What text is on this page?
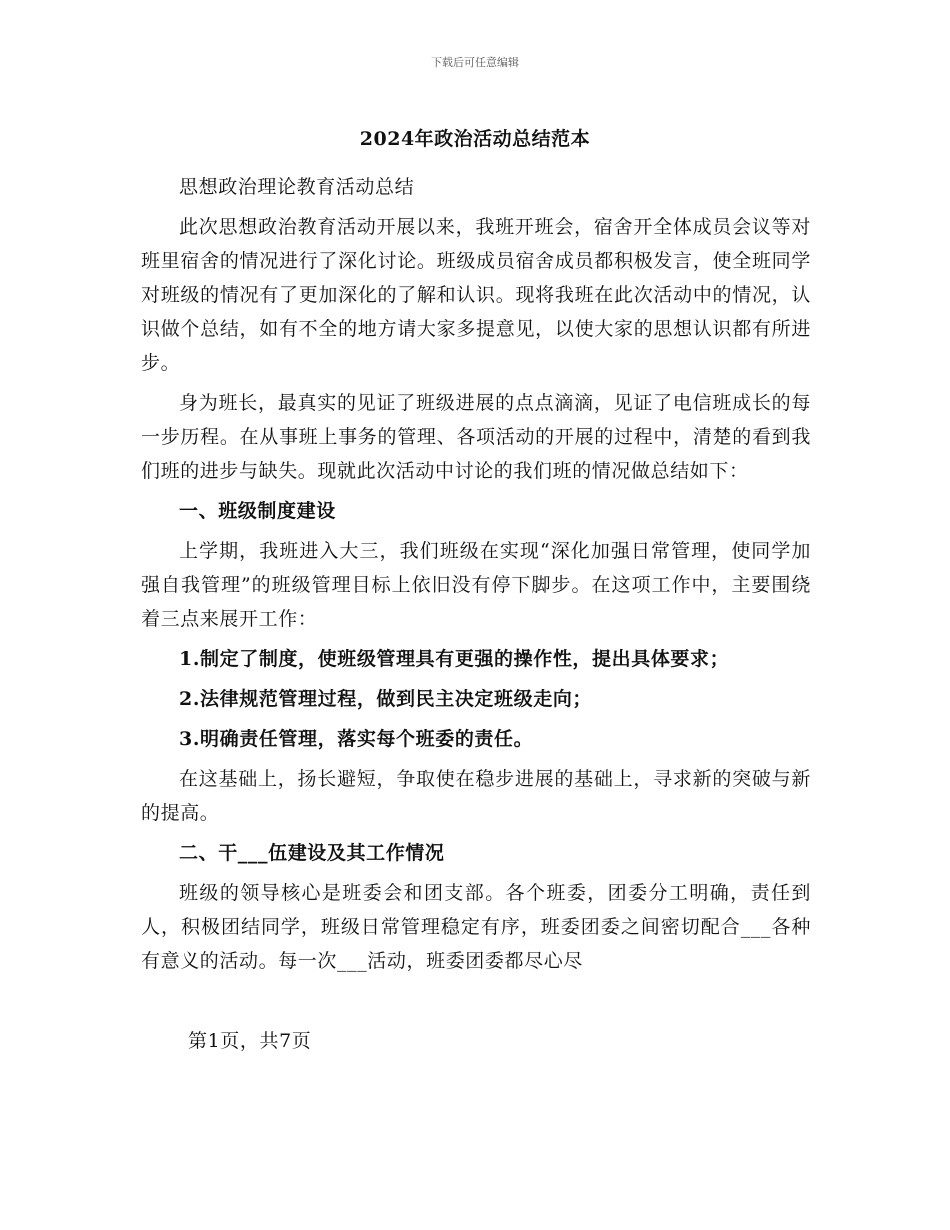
下载后可任意编辑
2024年政治活动总结范本

思想政治理论教育活动总结

此次思想政治教育活动开展以来，我班开班会，宿舍开全体成员会议等对班里宿舍的情况进行了深化讨论。班级成员宿舍成员都积极发言，使全班同学对班级的情况有了更加深化的了解和认识。现将我班在此次活动中的情况，认识做个总结，如有不全的地方请大家多提意见，以使大家的思想认识都有所进步。

身为班长，最真实的见证了班级进展的点点滴滴，见证了电信班成长的每一步历程。在从事班上事务的管理、各项活动的开展的过程中，清楚的看到我们班的进步与缺失。现就此次活动中讨论的我们班的情况做总结如下：

一、班级制度建设

上学期，我班进入大三，我们班级在实现“深化加强日常管理，使同学加强自我管理”的班级管理目标上依旧没有停下脚步。在这项工作中，主要围绕着三点来展开工作：

1.制定了制度，使班级管理具有更强的操作性，提出具体要求；

2.法律规范管理过程，做到民主决定班级走向；

3.明确责任管理，落实每个班委的责任。

在这基础上，扬长避短，争取使在稳步进展的基础上，寻求新的突破与新的提高。

二、干___伍建设及其工作情况

班级的领导核心是班委会和团支部。各个班委，团委分工明确，责任到人，积极团结同学，班级日常管理稳定有序，班委团委之间密切配合___各种有意义的活动。每一次___活动，班委团委都尽心尽

第1页，共7页
